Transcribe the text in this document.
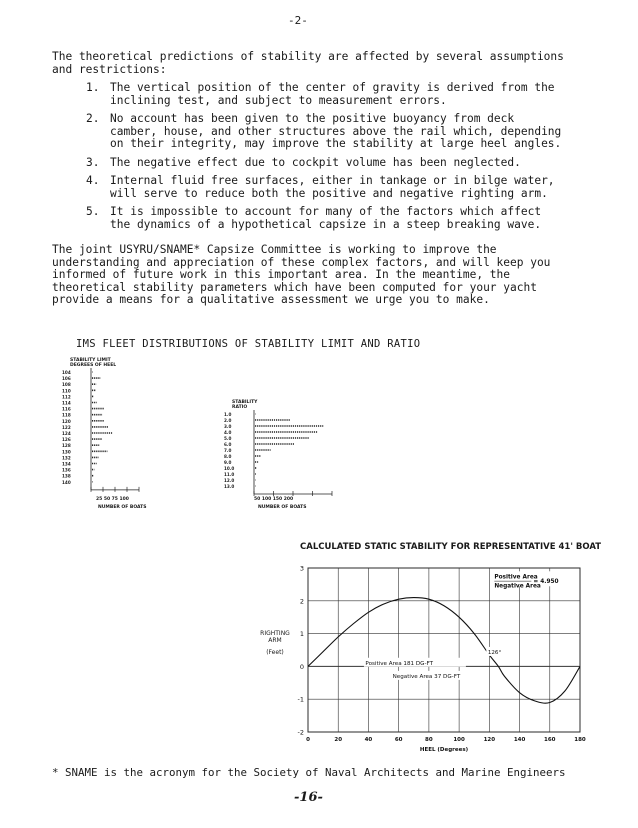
-2-
The theoretical predictions of stability are affected by several assumptions and restrictions:
1. The vertical position of the center of gravity is derived from the inclining test, and subject to measurement errors.
2. No account has been given to the positive buoyancy from deck camber, house, and other structures above the rail which, depending on their integrity, may improve the stability at large heel angles.
3. The negative effect due to cockpit volume has been neglected.
4. Internal fluid free surfaces, either in tankage or in bilge water, will serve to reduce both the positive and negative righting arm.
5. It is impossible to account for many of the factors which affect the dynamics of a hypothetical capsize in a steep breaking wave.
The joint USYRU/SNAME* Capsize Committee is working to improve the understanding and appreciation of these complex factors, and will keep you informed of future work in this important area. In the meantime, the theoretical stability parameters which have been computed for your yacht provide a means for a qualitative assessment we urge you to make.
IMS FLEET DISTRIBUTIONS OF STABILITY LIMIT AND RATIO
STABILITY LIMIT
DEGREES OF HEEL
104
106
108
110
112
114
116
118
120
122
124
126
128
130
132
134
136
138
140
25 50 75 100
NUMBER OF BOATS
STABILITY
RATIO
1.0
2.0
3.0
4.0
5.0
6.0
7.0
8.0
9.0
10.0
11.0
12.0
13.0
50 100 150 200
NUMBER OF BOATS
CALCULATED STATIC STABILITY FOR REPRESENTATIVE 41' BOAT
RIGHTING
ARM
(Feet)
-2
-1
0
1
2
3
0	20	40	60	80	100	120	140	160	180
HEEL (Degrees)
Positive Area
Negative Area
= 4.950
Positive Area 181 DG-FT
Negative Area 37 DG-FT
126°
* SNAME is the acronym for the Society of Naval Architects and Marine Engineers
-16-
